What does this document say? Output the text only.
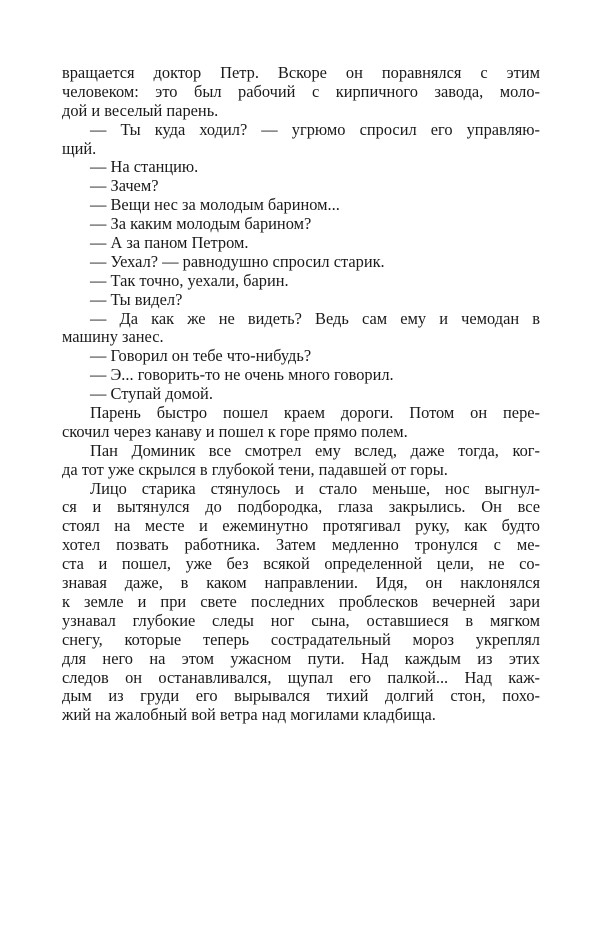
вращается доктор Петр. Вскоре он поравнялся с этим
человеком: это был рабочий с кирпичного завода, моло-
дой и веселый парень.
— Ты куда ходил? — угрюмо спросил его управляю-
щий.
— На станцию.
— Зачем?
— Вещи нес за молодым барином...
— За каким молодым барином?
— А за паном Петром.
— Уехал? — равнодушно спросил старик.
— Так точно, уехали, барин.
— Ты видел?
— Да как же не видеть? Ведь сам ему и чемодан в
машину занес.
— Говорил он тебе что-нибудь?
— Э... говорить-то не очень много говорил.
— Ступай домой.
Парень быстро пошел краем дороги. Потом он пере-
скочил через канаву и пошел к горе прямо полем.
Пан Доминик все смотрел ему вслед, даже тогда, ког-
да тот уже скрылся в глубокой тени, падавшей от горы.
Лицо старика стянулось и стало меньше, нос выгнул-
ся и вытянулся до подбородка, глаза закрылись. Он все
стоял на месте и ежеминутно протягивал руку, как будто
хотел позвать работника. Затем медленно тронулся с ме-
ста и пошел, уже без всякой определенной цели, не со-
знавая даже, в каком направлении. Идя, он наклонялся
к земле и при свете последних проблесков вечерней зари
узнавал глубокие следы ног сына, оставшиеся в мягком
снегу, которые теперь сострадательный мороз укреплял
для него на этом ужасном пути. Над каждым из этих
следов он останавливался, щупал его палкой... Над каж-
дым из груди его вырывался тихий долгий стон, похо-
жий на жалобный вой ветра над могилами кладбища.
